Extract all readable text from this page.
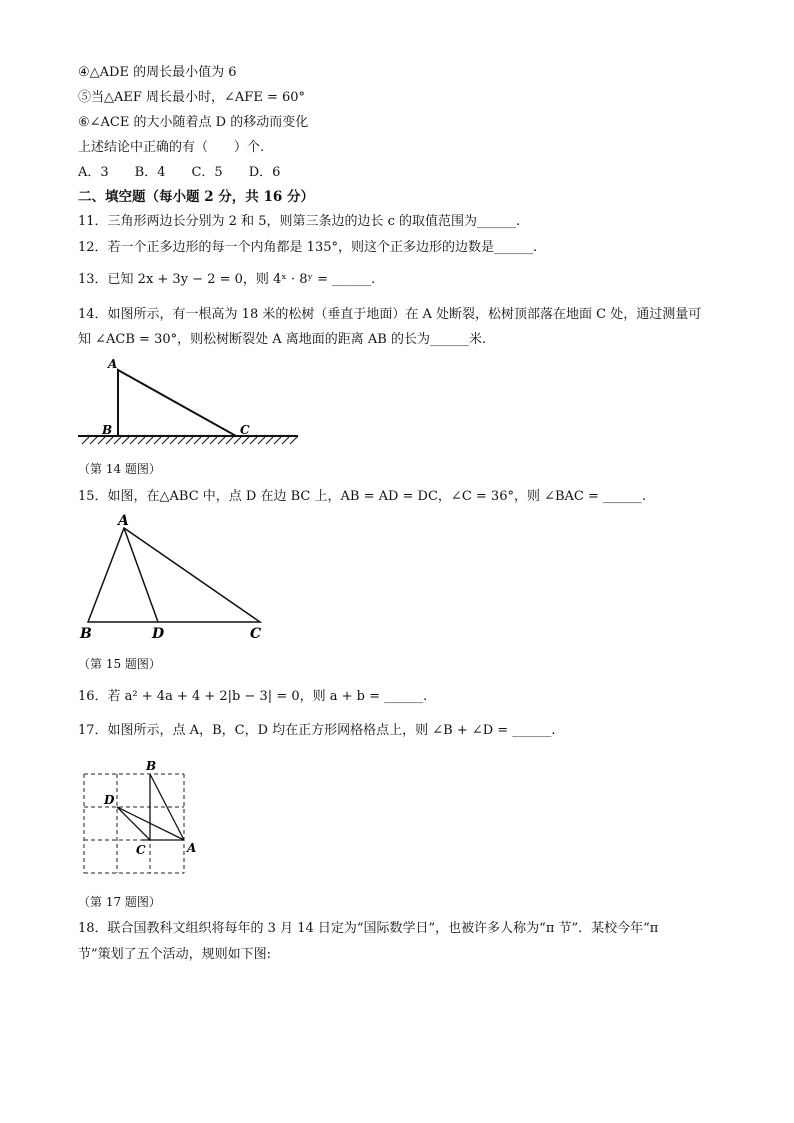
④△ADE 的周长最小值为 6
⑤当△AEF 周长最小时，∠AFE = 60°
⑥∠ACE 的大小随着点 D 的移动而变化
上述结论中正确的有（　　）个.
A．3　　B．4　　C．5　　D．6
二、填空题（每小题 2 分，共 16 分）
11．三角形两边长分别为 2 和 5，则第三条边的边长 c 的取值范围为______.
12．若一个正多边形的每一个内角都是 135°，则这个正多边形的边数是______.
13．已知 2x + 3y − 2 = 0，则 4ˣ · 8ʸ = ______.
14．如图所示，有一根高为 18 米的松树（垂直于地面）在 A 处断裂，松树顶部落在地面 C 处，通过测量可
知 ∠ACB = 30°，则松树断裂处 A 离地面的距离 AB 的长为______米.
A
B	C
（第 14 题图）
15．如图，在△ABC 中，点 D 在边 BC 上，AB = AD = DC，∠C = 36°，则 ∠BAC = ______.
A
B	D	C
（第 15 题图）
16．若 a² + 4a + 4 + 2|b − 3| = 0，则 a + b = ______.
17．如图所示，点 A，B，C，D 均在正方形网格格点上，则 ∠B + ∠D = ______.
B
D
C	A
（第 17 题图）
18．联合国教科文组织将每年的 3 月 14 日定为“国际数学日”，也被许多人称为“π 节”．某校今年“π
节”策划了五个活动，规则如下图:
